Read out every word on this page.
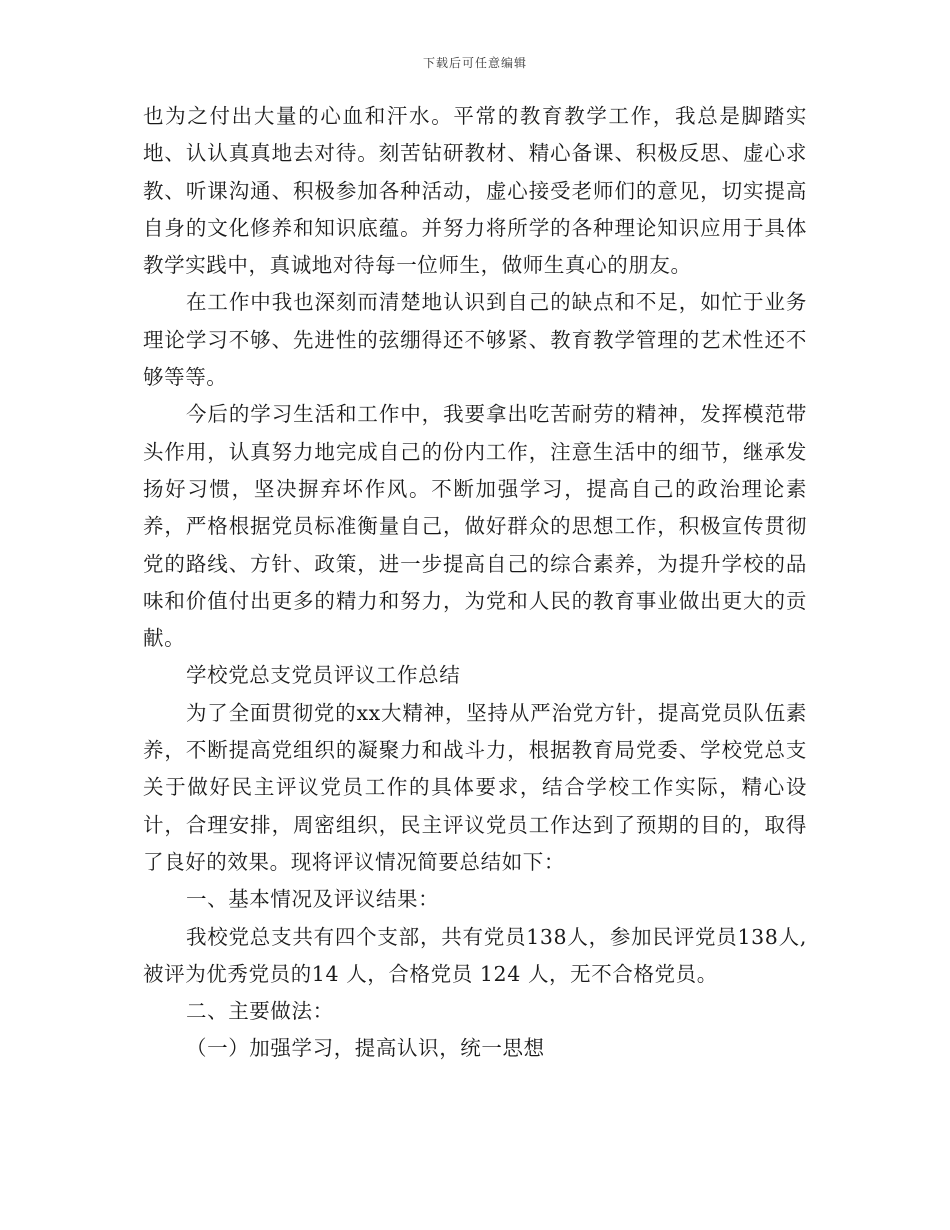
下载后可任意编辑

也为之付出大量的心血和汗水。平常的教育教学工作，我总是脚踏实地、认认真真地去对待。刻苦钻研教材、精心备课、积极反思、虚心求教、听课沟通、积极参加各种活动，虚心接受老师们的意见，切实提高自身的文化修养和知识底蕴。并努力将所学的各种理论知识应用于具体教学实践中，真诚地对待每一位师生，做师生真心的朋友。

在工作中我也深刻而清楚地认识到自己的缺点和不足，如忙于业务理论学习不够、先进性的弦绷得还不够紧、教育教学管理的艺术性还不够等等。

今后的学习生活和工作中，我要拿出吃苦耐劳的精神，发挥模范带头作用，认真努力地完成自己的份内工作，注意生活中的细节，继承发扬好习惯，坚决摒弃坏作风。不断加强学习，提高自己的政治理论素养，严格根据党员标准衡量自己，做好群众的思想工作，积极宣传贯彻党的路线、方针、政策，进一步提高自己的综合素养，为提升学校的品味和价值付出更多的精力和努力，为党和人民的教育事业做出更大的贡献。

学校党总支党员评议工作总结

为了全面贯彻党的xx大精神，坚持从严治党方针，提高党员队伍素养，不断提高党组织的凝聚力和战斗力，根据教育局党委、学校党总支关于做好民主评议党员工作的具体要求，结合学校工作实际，精心设计，合理安排，周密组织，民主评议党员工作达到了预期的目的，取得了良好的效果。现将评议情况简要总结如下：

一、基本情况及评议结果：

我校党总支共有四个支部，共有党员138人，参加民评党员138人,被评为优秀党员的14 人，合格党员 124 人，无不合格党员。

二、主要做法：

（一）加强学习，提高认识，统一思想
